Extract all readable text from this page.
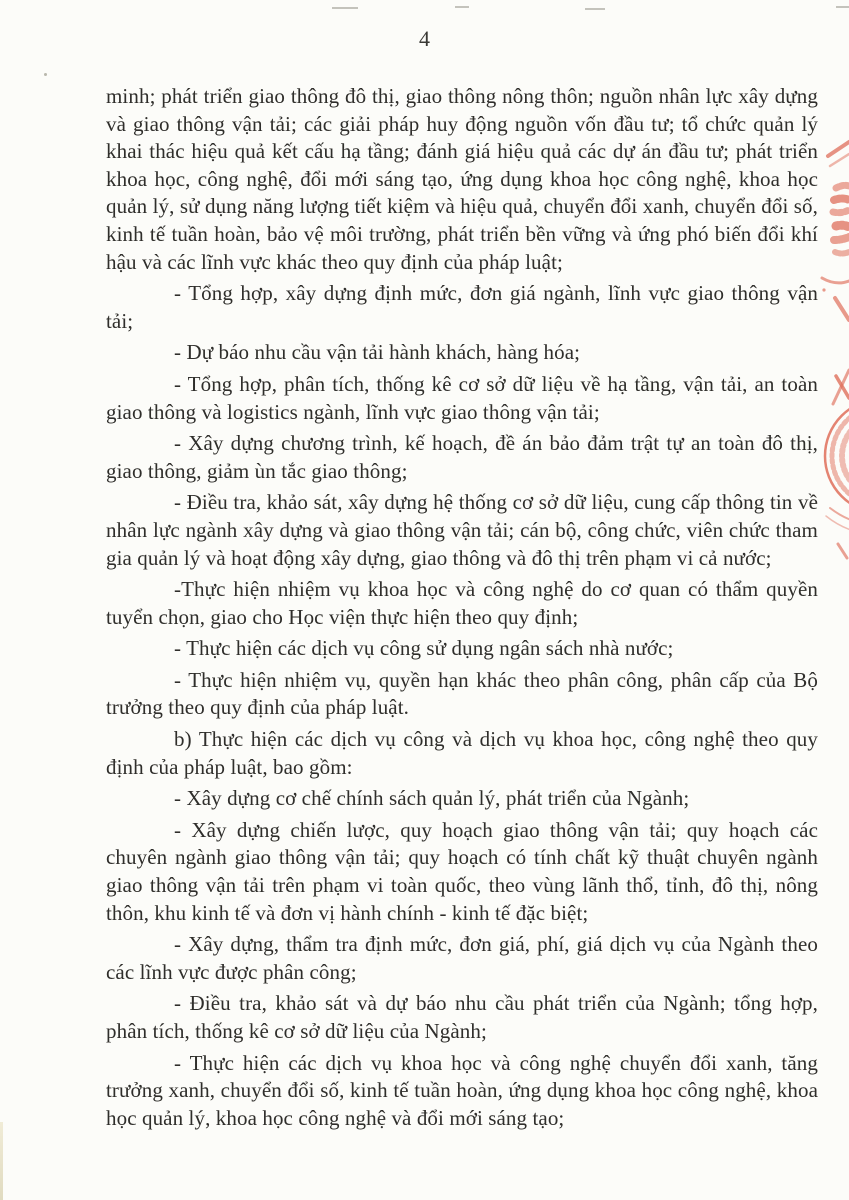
4

minh; phát triển giao thông đô thị, giao thông nông thôn; nguồn nhân lực xây dựng và giao thông vận tải; các giải pháp huy động nguồn vốn đầu tư; tổ chức quản lý khai thác hiệu quả kết cấu hạ tầng; đánh giá hiệu quả các dự án đầu tư; phát triển khoa học, công nghệ, đổi mới sáng tạo, ứng dụng khoa học công nghệ, khoa học quản lý, sử dụng năng lượng tiết kiệm và hiệu quả, chuyển đổi xanh, chuyển đổi số, kinh tế tuần hoàn, bảo vệ môi trường, phát triển bền vững và ứng phó biến đổi khí hậu và các lĩnh vực khác theo quy định của pháp luật;

- Tổng hợp, xây dựng định mức, đơn giá ngành, lĩnh vực giao thông vận tải;

- Dự báo nhu cầu vận tải hành khách, hàng hóa;

- Tổng hợp, phân tích, thống kê cơ sở dữ liệu về hạ tầng, vận tải, an toàn giao thông và logistics ngành, lĩnh vực giao thông vận tải;

- Xây dựng chương trình, kế hoạch, đề án bảo đảm trật tự an toàn đô thị, giao thông, giảm ùn tắc giao thông;

- Điều tra, khảo sát, xây dựng hệ thống cơ sở dữ liệu, cung cấp thông tin về nhân lực ngành xây dựng và giao thông vận tải; cán bộ, công chức, viên chức tham gia quản lý và hoạt động xây dựng, giao thông và đô thị trên phạm vi cả nước;

-Thực hiện nhiệm vụ khoa học và công nghệ do cơ quan có thẩm quyền tuyển chọn, giao cho Học viện thực hiện theo quy định;

- Thực hiện các dịch vụ công sử dụng ngân sách nhà nước;

- Thực hiện nhiệm vụ, quyền hạn khác theo phân công, phân cấp của Bộ trưởng theo quy định của pháp luật.

b) Thực hiện các dịch vụ công và dịch vụ khoa học, công nghệ theo quy định của pháp luật, bao gồm:

- Xây dựng cơ chế chính sách quản lý, phát triển của Ngành;

- Xây dựng chiến lược, quy hoạch giao thông vận tải; quy hoạch các chuyên ngành giao thông vận tải; quy hoạch có tính chất kỹ thuật chuyên ngành giao thông vận tải trên phạm vi toàn quốc, theo vùng lãnh thổ, tỉnh, đô thị, nông thôn, khu kinh tế và đơn vị hành chính - kinh tế đặc biệt;

- Xây dựng, thẩm tra định mức, đơn giá, phí, giá dịch vụ của Ngành theo các lĩnh vực được phân công;

- Điều tra, khảo sát và dự báo nhu cầu phát triển của Ngành; tổng hợp, phân tích, thống kê cơ sở dữ liệu của Ngành;

- Thực hiện các dịch vụ khoa học và công nghệ chuyển đổi xanh, tăng trưởng xanh, chuyển đổi số, kinh tế tuần hoàn, ứng dụng khoa học công nghệ, khoa học quản lý, khoa học công nghệ và đổi mới sáng tạo;
